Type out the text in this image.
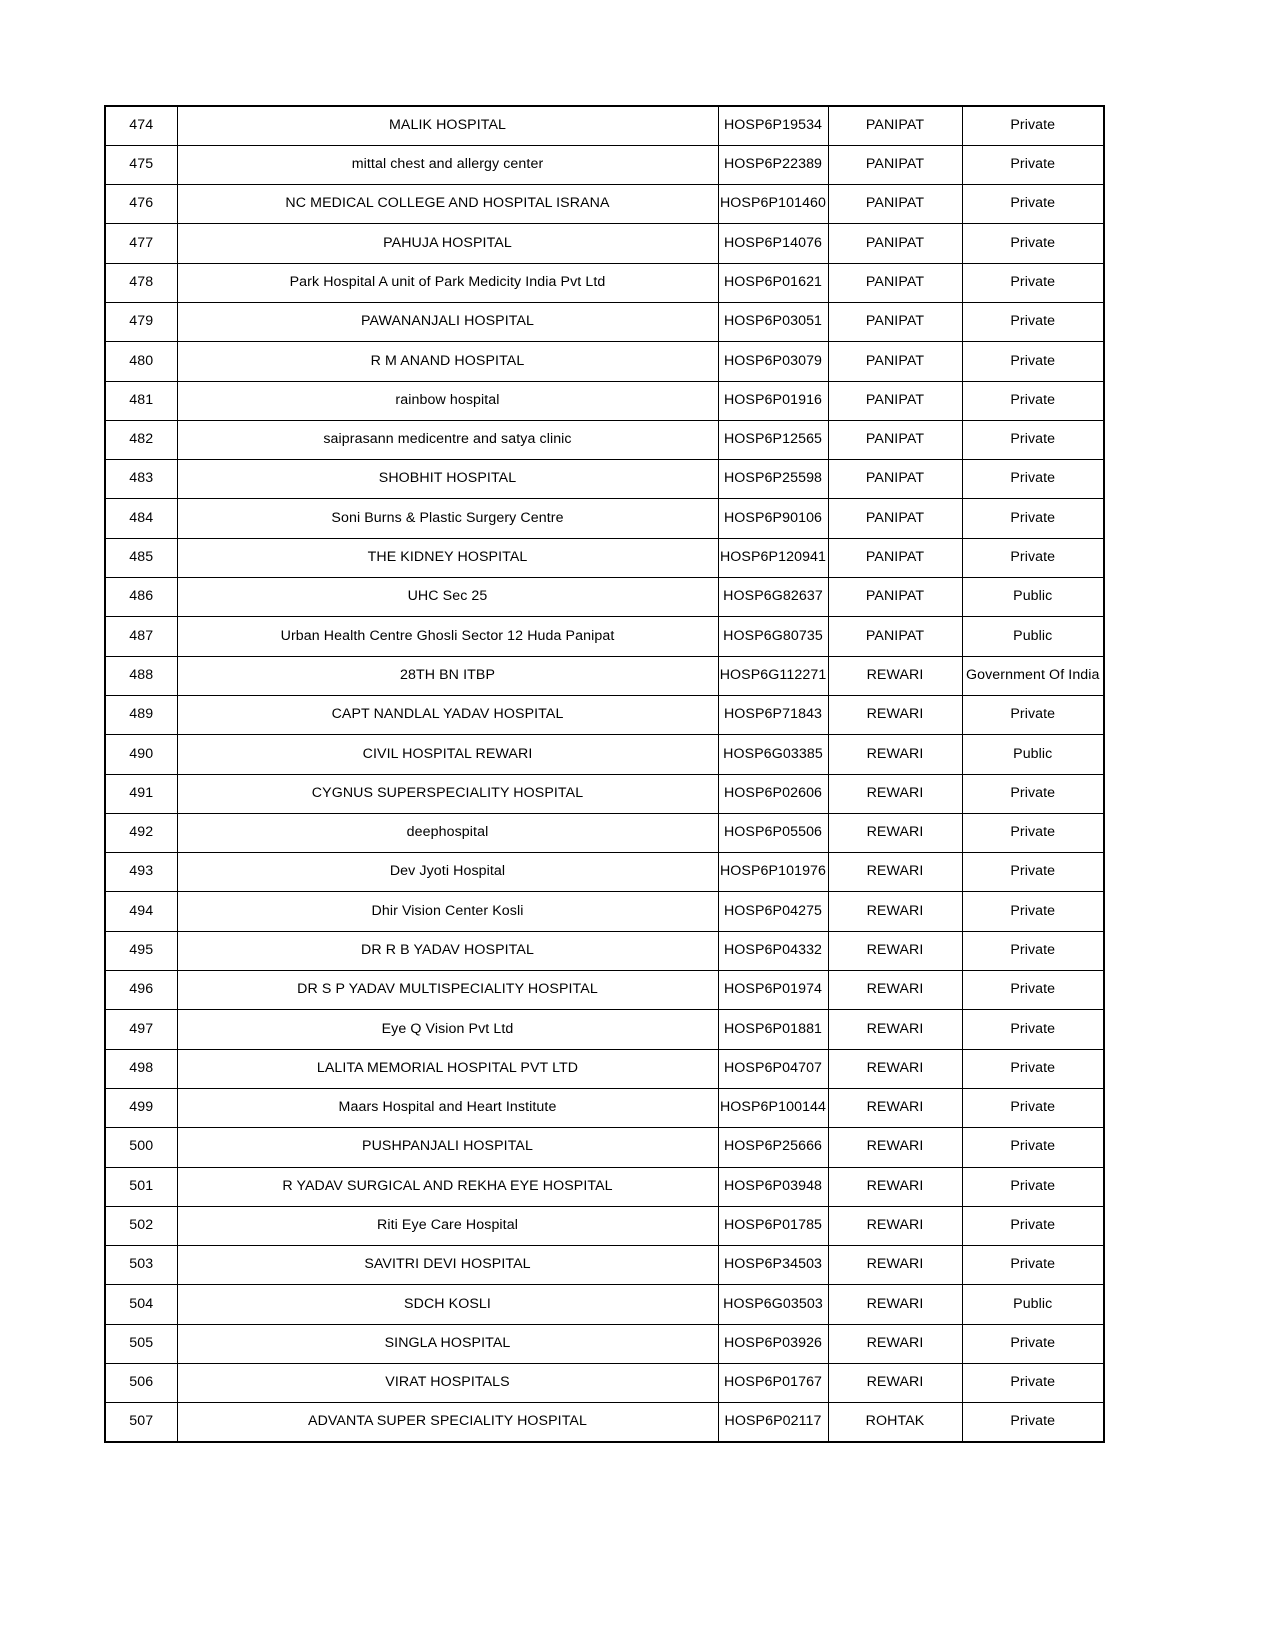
474	MALIK HOSPITAL	HOSP6P19534	PANIPAT	Private
475	mittal chest and allergy center	HOSP6P22389	PANIPAT	Private
476	NC MEDICAL COLLEGE AND HOSPITAL ISRANA	HOSP6P101460	PANIPAT	Private
477	PAHUJA HOSPITAL	HOSP6P14076	PANIPAT	Private
478	Park Hospital A unit of Park Medicity India Pvt Ltd	HOSP6P01621	PANIPAT	Private
479	PAWANANJALI HOSPITAL	HOSP6P03051	PANIPAT	Private
480	R M ANAND HOSPITAL	HOSP6P03079	PANIPAT	Private
481	rainbow hospital	HOSP6P01916	PANIPAT	Private
482	saiprasann medicentre and satya clinic	HOSP6P12565	PANIPAT	Private
483	SHOBHIT HOSPITAL	HOSP6P25598	PANIPAT	Private
484	Soni Burns & Plastic Surgery Centre	HOSP6P90106	PANIPAT	Private
485	THE KIDNEY HOSPITAL	HOSP6P120941	PANIPAT	Private
486	UHC Sec 25	HOSP6G82637	PANIPAT	Public
487	Urban Health Centre Ghosli Sector 12 Huda Panipat	HOSP6G80735	PANIPAT	Public
488	28TH BN ITBP	HOSP6G112271	REWARI	Government Of India
489	CAPT NANDLAL YADAV HOSPITAL	HOSP6P71843	REWARI	Private
490	CIVIL HOSPITAL REWARI	HOSP6G03385	REWARI	Public
491	CYGNUS SUPERSPECIALITY HOSPITAL	HOSP6P02606	REWARI	Private
492	deephospital	HOSP6P05506	REWARI	Private
493	Dev Jyoti Hospital	HOSP6P101976	REWARI	Private
494	Dhir Vision Center Kosli	HOSP6P04275	REWARI	Private
495	DR R B YADAV HOSPITAL	HOSP6P04332	REWARI	Private
496	DR S P YADAV MULTISPECIALITY HOSPITAL	HOSP6P01974	REWARI	Private
497	Eye Q Vision Pvt Ltd	HOSP6P01881	REWARI	Private
498	LALITA MEMORIAL HOSPITAL PVT LTD	HOSP6P04707	REWARI	Private
499	Maars Hospital and Heart Institute	HOSP6P100144	REWARI	Private
500	PUSHPANJALI HOSPITAL	HOSP6P25666	REWARI	Private
501	R YADAV SURGICAL AND REKHA EYE HOSPITAL	HOSP6P03948	REWARI	Private
502	Riti Eye Care Hospital	HOSP6P01785	REWARI	Private
503	SAVITRI DEVI HOSPITAL	HOSP6P34503	REWARI	Private
504	SDCH KOSLI	HOSP6G03503	REWARI	Public
505	SINGLA HOSPITAL	HOSP6P03926	REWARI	Private
506	VIRAT HOSPITALS	HOSP6P01767	REWARI	Private
507	ADVANTA SUPER SPECIALITY HOSPITAL	HOSP6P02117	ROHTAK	Private
